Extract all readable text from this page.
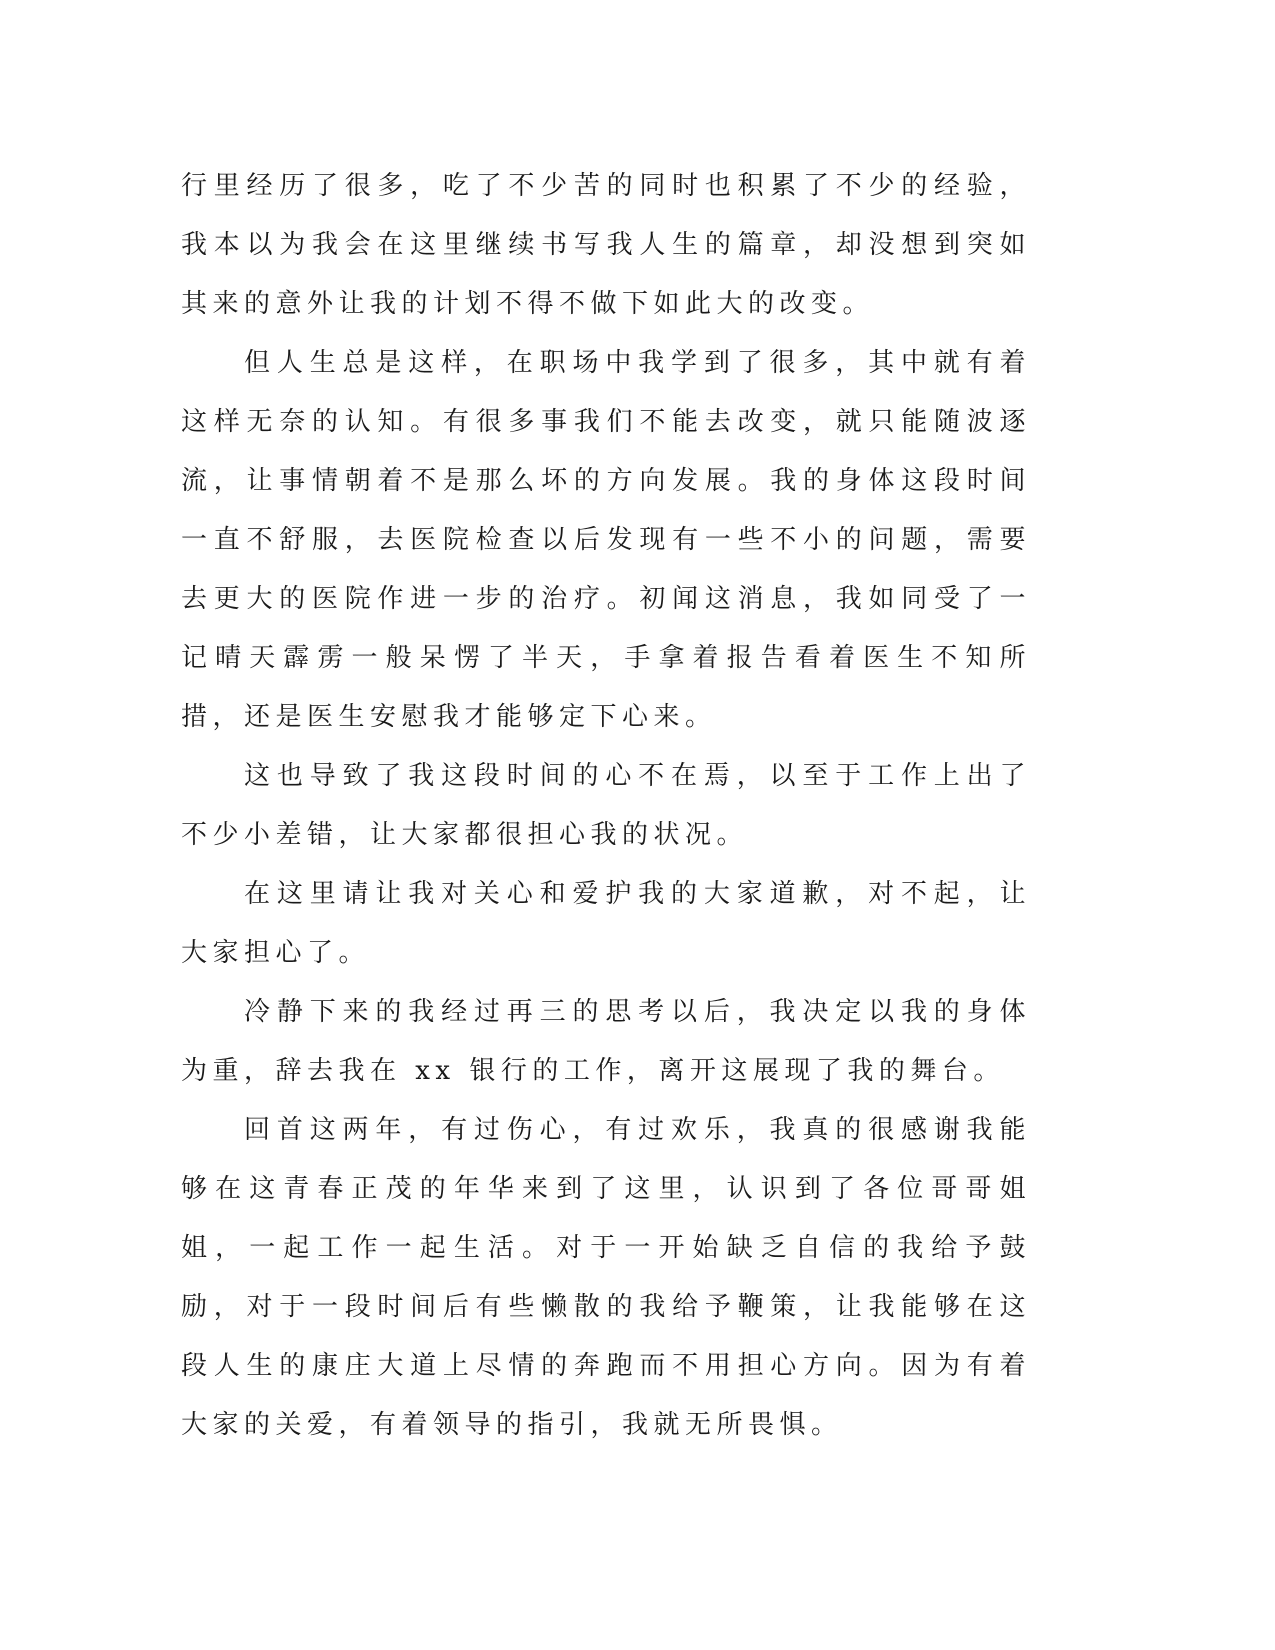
行里经历了很多，吃了不少苦的同时也积累了不少的经验，我本以为我会在这里继续书写我人生的篇章，却没想到突如其来的意外让我的计划不得不做下如此大的改变。

但人生总是这样，在职场中我学到了很多，其中就有着这样无奈的认知。有很多事我们不能去改变，就只能随波逐流，让事情朝着不是那么坏的方向发展。我的身体这段时间一直不舒服，去医院检查以后发现有一些不小的问题，需要去更大的医院作进一步的治疗。初闻这消息，我如同受了一记晴天霹雳一般呆愣了半天，手拿着报告看着医生不知所措，还是医生安慰我才能够定下心来。

这也导致了我这段时间的心不在焉，以至于工作上出了不少小差错，让大家都很担心我的状况。

在这里请让我对关心和爱护我的大家道歉，对不起，让大家担心了。

冷静下来的我经过再三的思考以后，我决定以我的身体为重，辞去我在 xx 银行的工作，离开这展现了我的舞台。

回首这两年，有过伤心，有过欢乐，我真的很感谢我能够在这青春正茂的年华来到了这里，认识到了各位哥哥姐姐，一起工作一起生活。对于一开始缺乏自信的我给予鼓励，对于一段时间后有些懒散的我给予鞭策，让我能够在这段人生的康庄大道上尽情的奔跑而不用担心方向。因为有着大家的关爱，有着领导的指引，我就无所畏惧。
